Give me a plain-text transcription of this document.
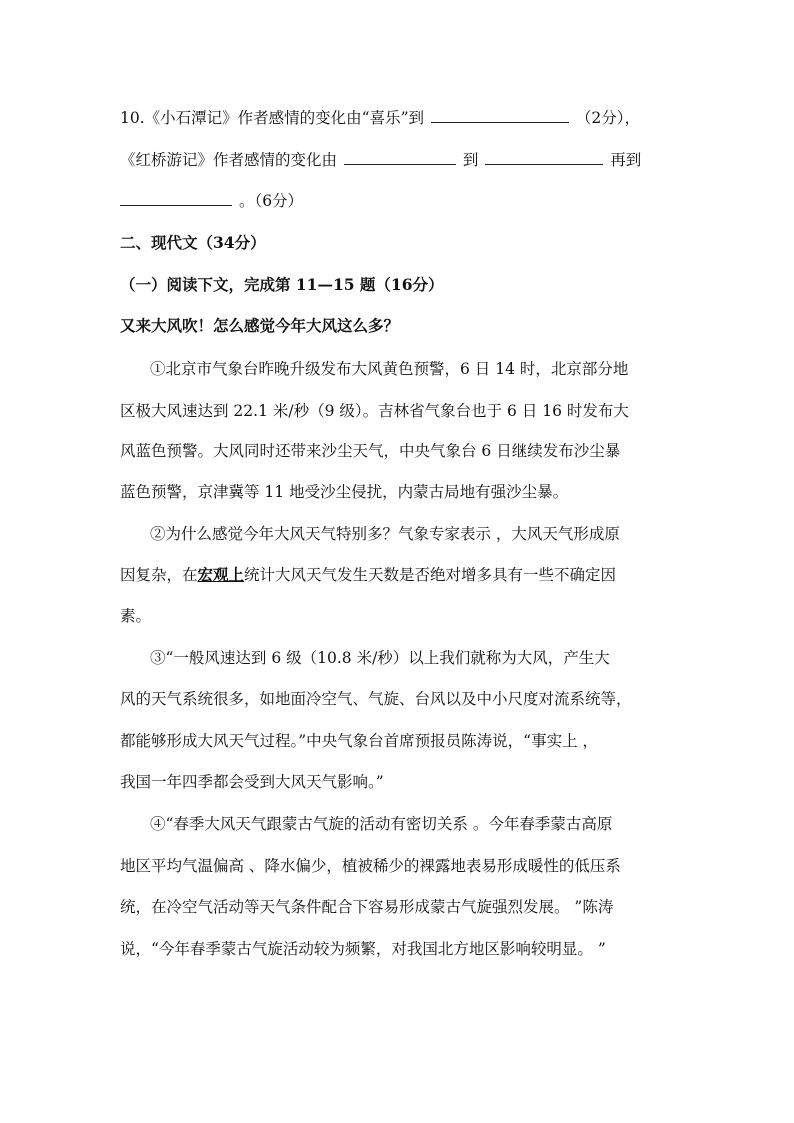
10.《小石潭记》作者感情的变化由“喜乐”到	（2分），
《红桥游记》作者感情的变化由	到	再到
。（6分）
二、现代文（34分）
（一）阅读下文，完成第 11—15 题（16分）
又来大风吹！怎么感觉今年大风这么多？
①北京市气象台昨晚升级发布大风黄色预警，6 日 14 时，北京部分地
区极大风速达到 22.1 米/秒（9 级）。吉林省气象台也于 6 日 16 时发布大
风蓝色预警。大风同时还带来沙尘天气，中央气象台 6 日继续发布沙尘暴
蓝色预警，京津冀等 11 地受沙尘侵扰，内蒙古局地有强沙尘暴。
②为什么感觉今年大风天气特别多？气象专家表示 ，大风天气形成原
因复杂，在宏观上统计大风天气发生天数是否绝对增多具有一些不确定因
素。
③“一般风速达到 6 级（10.8 米/秒）以上我们就称为大风，产生大
风的天气系统很多，如地面冷空气、气旋、台风以及中小尺度对流系统等，
都能够形成大风天气过程。”中央气象台首席预报员陈涛说，“事实上 ，
我国一年四季都会受到大风天气影响。”
④“春季大风天气跟蒙古气旋的活动有密切关系 。今年春季蒙古高原
地区平均气温偏高 、降水偏少，植被稀少的裸露地表易形成暖性的低压系
统，在冷空气活动等天气条件配合下容易形成蒙古气旋强烈发展。 ”陈涛
说，“今年春季蒙古气旋活动较为频繁，对我国北方地区影响较明显。 ”
